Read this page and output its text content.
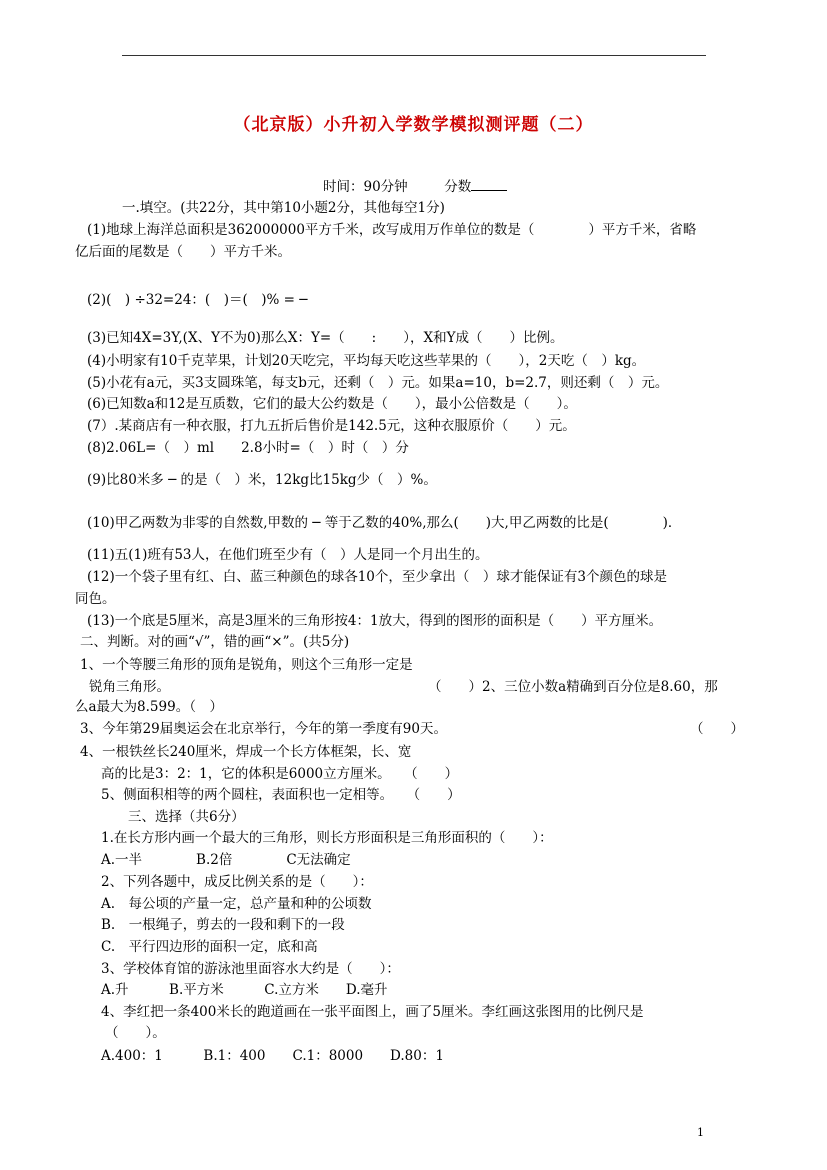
（北京版）小升初入学数学模拟测评题（二）
时间：90分钟	分数
一.填空。(共22分，其中第10小题2分，其他每空1分)
(1)地球上海洋总面积是362000000平方千米，改写成用万作单位的数是（　　　　）平方千米，省略
亿后面的尾数是（　　）平方千米。
(2)(　) ÷32=24：(　)＝(　)% = ─
(3)已知4X=3Y,(X、Y不为0)那么X：Y=（　　:　　），X和Y成（　　）比例。
(4)小明家有10千克苹果，计划20天吃完，平均每天吃这些苹果的（　　），2天吃（　）kg。
(5)小花有a元，买3支圆珠笔，每支b元，还剩（　）元。如果a=10，b=2.7，则还剩（　）元。
(6)已知数a和12是互质数，它们的最大公约数是（　　），最小公倍数是（　　）。
(7）.某商店有一种衣服，打九五折后售价是142.5元，这种衣服原价（　　）元。
(8)2.06L=（　）ml　　2.8小时=（　）时（　）分
(9)比80米多 ─ 的是（　）米，12kg比15kg少（　）%。
(10)甲乙两数为非零的自然数,甲数的 ─ 等于乙数的40%,那么(　　)大,甲乙两数的比是(　　　　)．
(11)五(1)班有53人，在他们班至少有（　）人是同一个月出生的。
(12)一个袋子里有红、白、蓝三种颜色的球各10个，至少拿出（　）球才能保证有3个颜色的球是
同色。
(13)一个底是5厘米，高是3厘米的三角形按4：1放大，得到的图形的面积是（　　）平方厘米。
二、判断。对的画“√”，错的画“×”。(共5分)
1、一个等腰三角形的顶角是锐角，则这个三角形一定是
锐角三角形。	（　　）2、三位小数a精确到百分位是8.60，那
么a最大为8.599。（　）
3、今年第29届奥运会在北京举行，今年的第一季度有90天。	（　　）
4、一根铁丝长240厘米，焊成一个长方体框架，长、宽
高的比是3：2：1，它的体积是6000立方厘米。　　（　　）
5、侧面积相等的两个圆柱，表面积也一定相等。　　（　　）
三、选择（共6分）
1.在长方形内画一个最大的三角形，则长方形面积是三角形面积的（　　）：
A.一半　　　　B.2倍　　　　C无法确定
2、下列各题中，成反比例关系的是（　　）：
A.　每公顷的产量一定，总产量和种的公顷数
B.　一根绳子，剪去的一段和剩下的一段
C.　平行四边形的面积一定，底和高
3、学校体育馆的游泳池里面容水大约是（　　）：
A.升　　　B.平方米　　　C.立方米　　D.毫升
4、李红把一条400米长的跑道画在一张平面图上，画了5厘米。李红画这张图用的比例尺是
（　　）。
A.400：1　　　B.1：400　　C.1：8000　　D.80：1
1
